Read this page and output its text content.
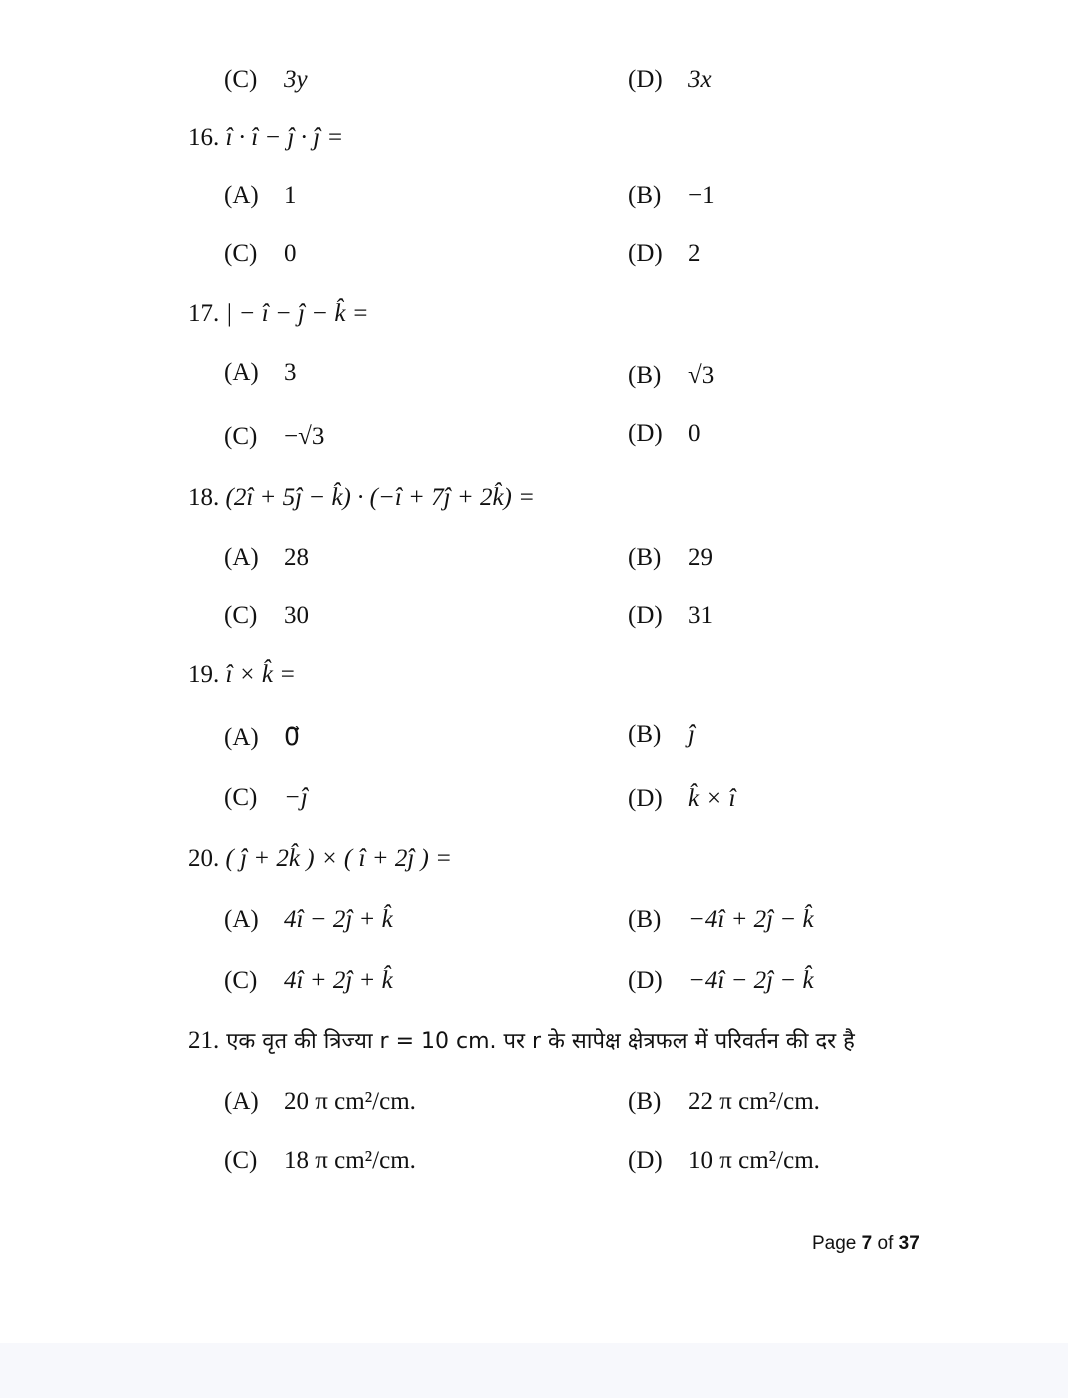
(C) 3y	(D) 3x
16. î · î − ĵ · ĵ =
(A) 1	(B) −1
(C) 0	(D) 2
17. | − î − ĵ − k̂ =
(A) 3	(B) √3
(C) −√3	(D) 0
18. (2î + 5ĵ − k̂) · (−î + 7ĵ + 2k̂) =
(A) 28	(B) 29
(C) 30	(D) 31
19. î × k̂ =
(A) 0⃗	(B) ĵ
(C) −ĵ	(D) k̂ × î
20. ( ĵ + 2k̂ ) × ( î + 2ĵ ) =
(A) 4î − 2ĵ + k̂	(B) −4î + 2ĵ − k̂
(C) 4î + 2ĵ + k̂	(D) −4î − 2ĵ − k̂
21. एक वृत की त्रिज्या r = 10 cm. पर r के सापेक्ष क्षेत्रफल में परिवर्तन की दर है
(A) 20 π cm²/cm.	(B) 22 π cm²/cm.
(C) 18 π cm²/cm.	(D) 10 π cm²/cm.
Page 7 of 37
